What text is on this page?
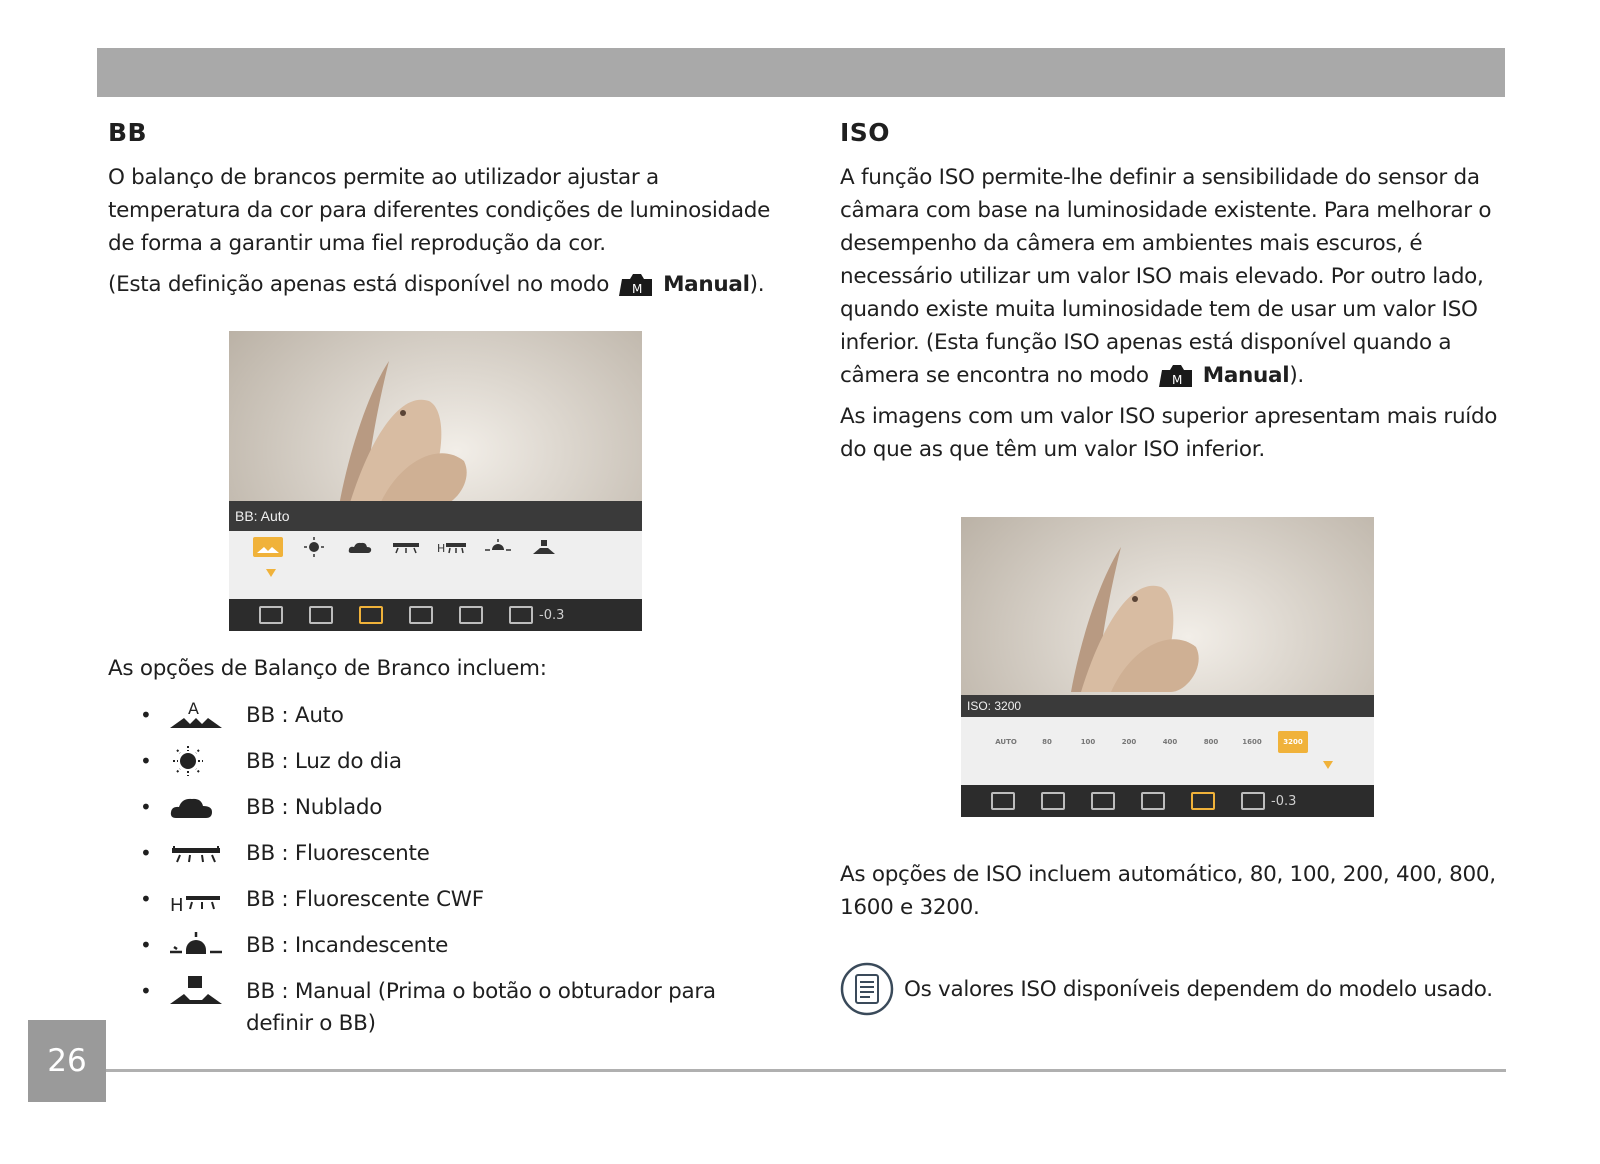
BB

O balanço de brancos permite ao utilizador ajustar a temperatura da cor para diferentes condições de luminosidade de forma a garantir uma fiel reprodução da cor.

(Esta definição apenas está disponível no modo M Manual).

BB: Auto
H
-0.3
As opções de Balanço de Branco incluem:
•	A BB : Auto
•	BB : Luz do dia
•	BB : Nublado
•	BB : Fluorescente
•	H	BB : Fluorescente CWF
•	BB : Incandescente
•	BB : Manual (Prima o botão o obturador para definir o BB)
ISO

A função ISO permite-lhe definir a sensibilidade do sensor da câmara com base na luminosidade existente. Para melhorar o desempenho da câmera em ambientes mais escuros, é necessário utilizar um valor ISO mais elevado. Por outro lado, quando existe muita luminosidade tem de usar um valor ISO inferior. (Esta função ISO apenas está disponível quando a câmera se encontra no modo M Manual).

As imagens com um valor ISO superior apresentam mais ruído do que as que têm um valor ISO inferior.

ISO: 3200
AUTO	80	100	200	400	800	1600	3200
-0.3
As opções de ISO incluem automático, 80, 100, 200, 400, 800, 1600 e 3200.
Os valores ISO disponíveis dependem do modelo usado.
26
